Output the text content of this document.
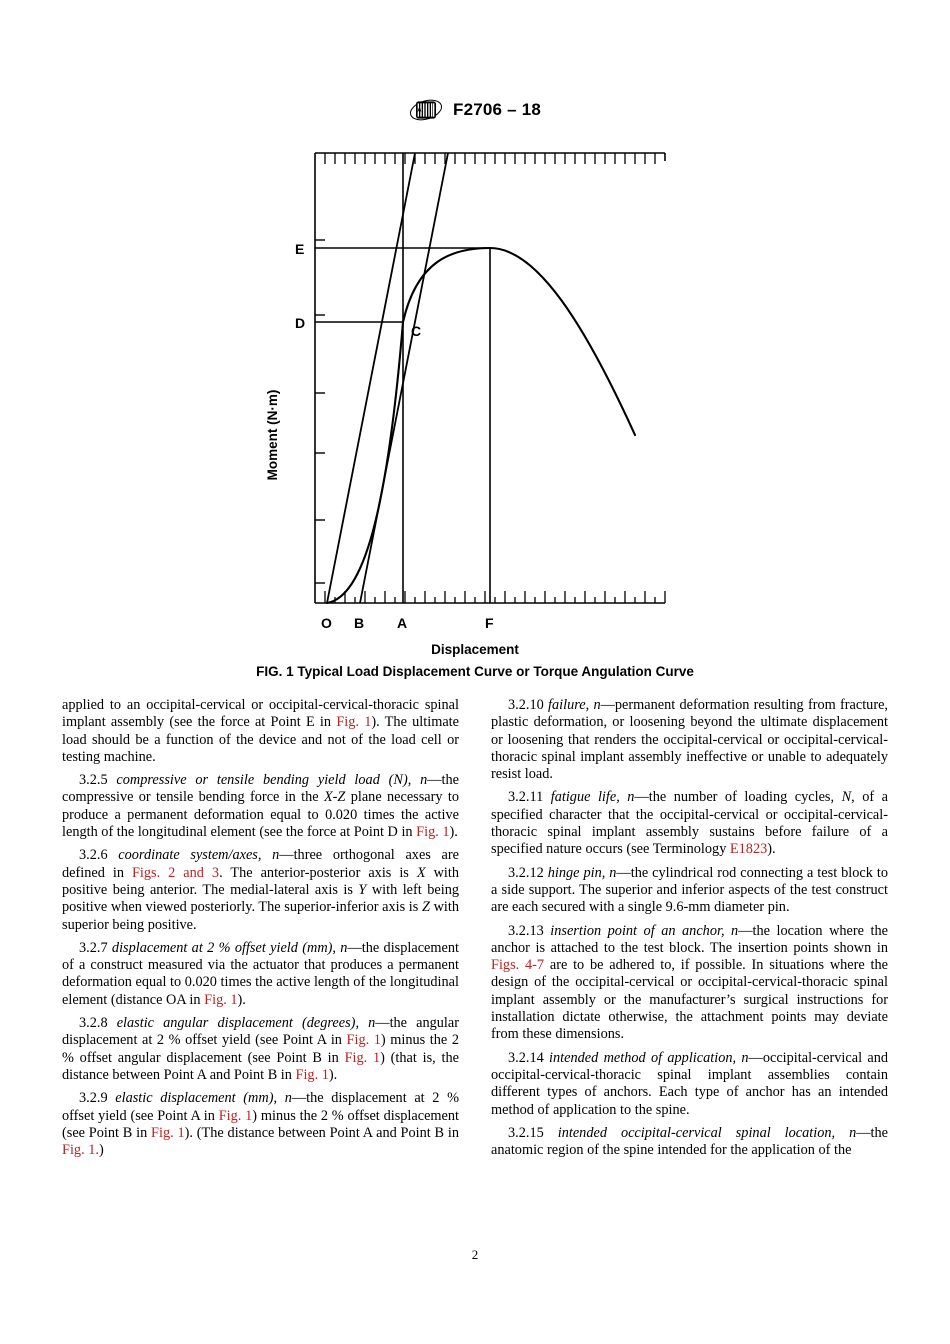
A F2706 – 18
E
D	C
O B A	F
Moment (N·m)
Displacement
FIG. 1 Typical Load Displacement Curve or Torque Angulation Curve

applied to an occipital-cervical or occipital-cervical-thoracic spinal implant assembly (see the force at Point E in Fig. 1). The ultimate load should be a function of the device and not of the load cell or testing machine.

3.2.5 compressive or tensile bending yield load (N), n—the compressive or tensile bending force in the X-Z plane necessary to produce a permanent deformation equal to 0.020 times the active length of the longitudinal element (see the force at Point D in Fig. 1).

3.2.6 coordinate system/axes, n—three orthogonal axes are defined in Figs. 2 and 3. The anterior-posterior axis is X with positive being anterior. The medial-lateral axis is Y with left being positive when viewed posteriorly. The superior-inferior axis is Z with superior being positive.

3.2.7 displacement at 2 % offset yield (mm), n—the displacement of a construct measured via the actuator that produces a permanent deformation equal to 0.020 times the active length of the longitudinal element (distance OA in Fig. 1).

3.2.8 elastic angular displacement (degrees), n—the angular displacement at 2 % offset yield (see Point A in Fig. 1) minus the 2 % offset angular displacement (see Point B in Fig. 1) (that is, the distance between Point A and Point B in Fig. 1).

3.2.9 elastic displacement (mm), n—the displacement at 2 % offset yield (see Point A in Fig. 1) minus the 2 % offset displacement (see Point B in Fig. 1). (The distance between Point A and Point B in Fig. 1.)

3.2.10 failure, n—permanent deformation resulting from fracture, plastic deformation, or loosening beyond the ultimate displacement or loosening that renders the occipital-cervical or occipital-cervical-thoracic spinal implant assembly ineffective or unable to adequately resist load.

3.2.11 fatigue life, n—the number of loading cycles, N, of a specified character that the occipital-cervical or occipital-cervical-thoracic spinal implant assembly sustains before failure of a specified nature occurs (see Terminology E1823).

3.2.12 hinge pin, n—the cylindrical rod connecting a test block to a side support. The superior and inferior aspects of the test construct are each secured with a single 9.6-mm diameter pin.

3.2.13 insertion point of an anchor, n—the location where the anchor is attached to the test block. The insertion points shown in Figs. 4-7 are to be adhered to, if possible. In situations where the design of the occipital-cervical or occipital-cervical-thoracic spinal implant assembly or the manufacturer’s surgical instructions for installation dictate otherwise, the attachment points may deviate from these dimensions.

3.2.14 intended method of application, n—occipital-cervical and occipital-cervical-thoracic spinal implant assemblies contain different types of anchors. Each type of anchor has an intended method of application to the spine.

3.2.15 intended occipital-cervical spinal location, n—the anatomic region of the spine intended for the application of the

2
